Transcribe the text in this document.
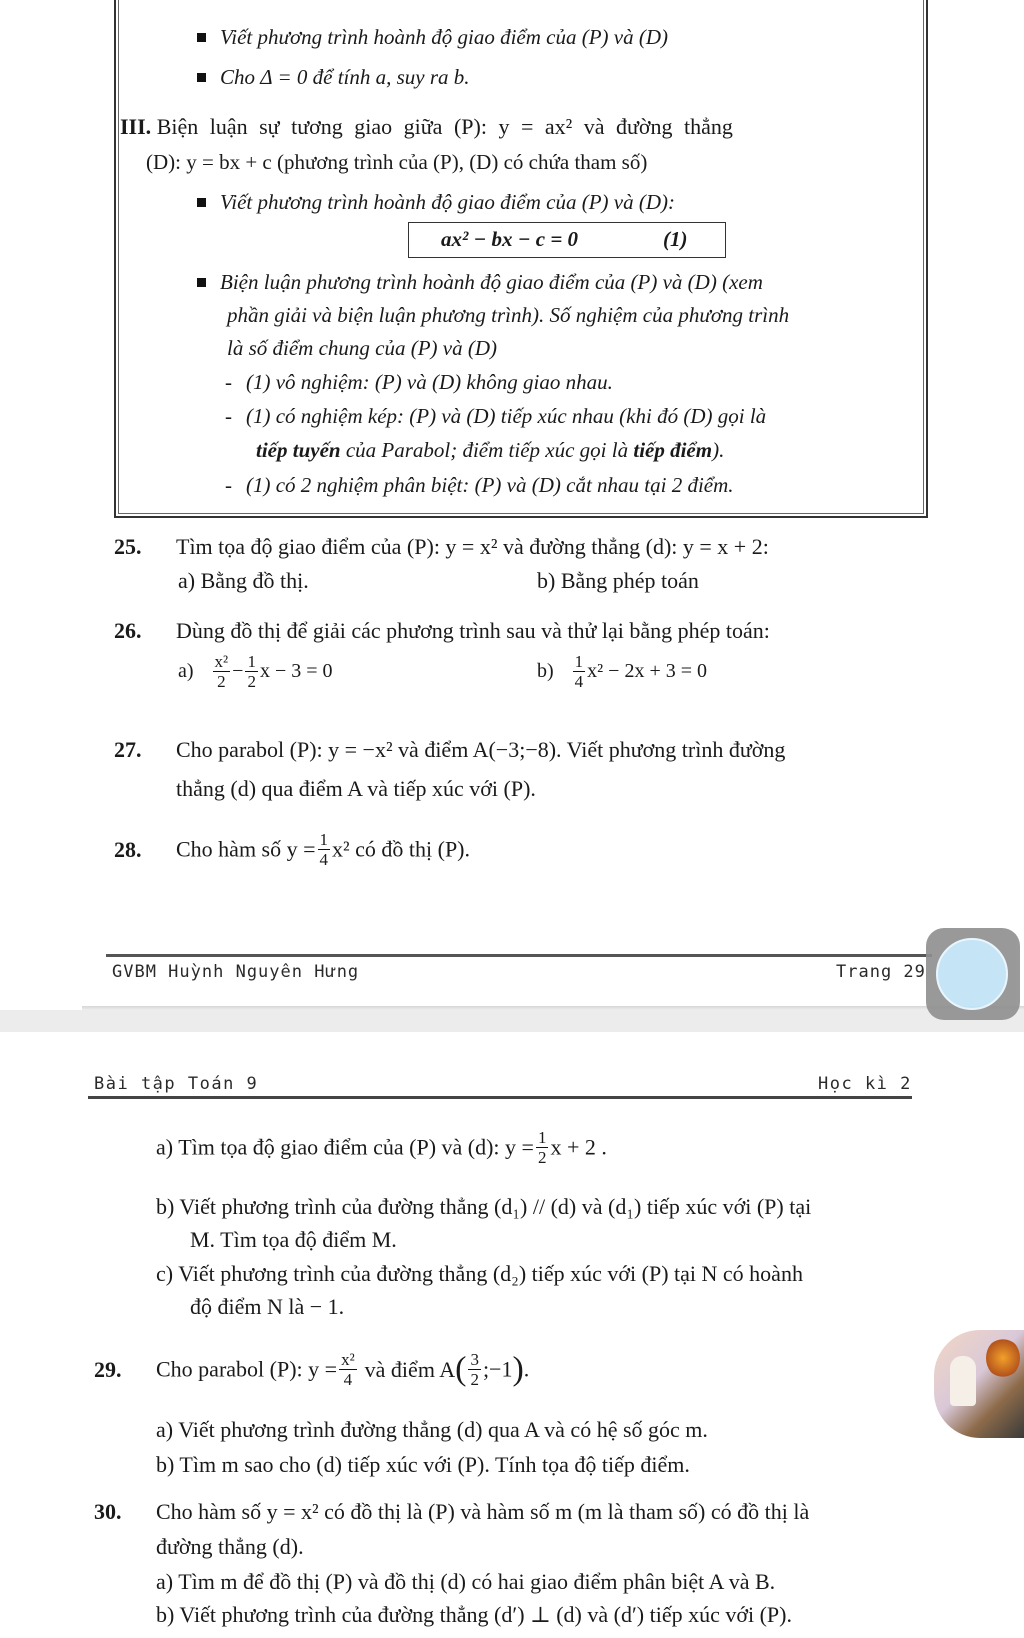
Viết phương trình hoành độ giao điểm của (P) và (D)
Cho Δ = 0 để tính a, suy ra b.
III. Biện luận sự tương giao giữa (P): y = ax² và đường thẳng
(D): y = bx + c (phương trình của (P), (D) có chứa tham số)
Viết phương trình hoành độ giao điểm của (P) và (D):
ax² − bx − c = 0	(1)
Biện luận phương trình hoành độ giao điểm của (P) và (D) (xem
phần giải và biện luận phương trình). Số nghiệm của phương trình
là số điểm chung của (P) và (D)
- (1) vô nghiệm: (P) và (D) không giao nhau.
- (1) có nghiệm kép: (P) và (D) tiếp xúc nhau (khi đó (D) gọi là
tiếp tuyến của Parabol; điểm tiếp xúc gọi là tiếp điểm).
- (1) có 2 nghiệm phân biệt: (P) và (D) cắt nhau tại 2 điểm.
25. Tìm tọa độ giao điểm của (P): y = x² và đường thẳng (d): y = x + 2:
a) Bằng đồ thị.	b) Bằng phép toán
26. Dùng đồ thị để giải các phương trình sau và thử lại bằng phép toán:
$a) \frac{\text{x²}}{2} - \frac{1}{2}$ x − 3 = 0	$b) \frac{1}{4} x^2 - 2x + 3 = 0$
27. Cho parabol (P): y = −x² và điểm A(−3;−8). Viết phương trình đường
thẳng (d) qua điểm A và tiếp xúc với (P).
28. Cho hàm số $y = \frac{1}{4} x^2$ có đồ thị (P).
GVBM Huỳnh Nguyên Hưng	Trang 29
Bài tập Toán 9	Học kì 2
a) Tìm tọa độ giao điểm của (P) và (d): $y = \frac{1}{2}$ x + 2 .
b) Viết phương trình của đường thẳng (d₁) // (d) và (d₁) tiếp xúc với (P) tại
M. Tìm tọa độ điểm M.
c) Viết phương trình của đường thẳng (d₂) tiếp xúc với (P) tại N có hoành
độ điểm N là − 1.
29. Cho parabol (P): $y = \frac{\text{x²}}{4}$ và điểm $A( \frac{3}{2}$ ;−1).
a) Viết phương trình đường thẳng (d) qua A và có hệ số góc m.
b) Tìm m sao cho (d) tiếp xúc với (P). Tính tọa độ tiếp điểm.
30. Cho hàm số y = x² có đồ thị là (P) và hàm số m (m là tham số) có đồ thị là
đường thẳng (d).
a) Tìm m để đồ thị (P) và đồ thị (d) có hai giao điểm phân biệt A và B.
b) Viết phương trình của đường thẳng (d′) ⊥ (d) và (d′) tiếp xúc với (P).
